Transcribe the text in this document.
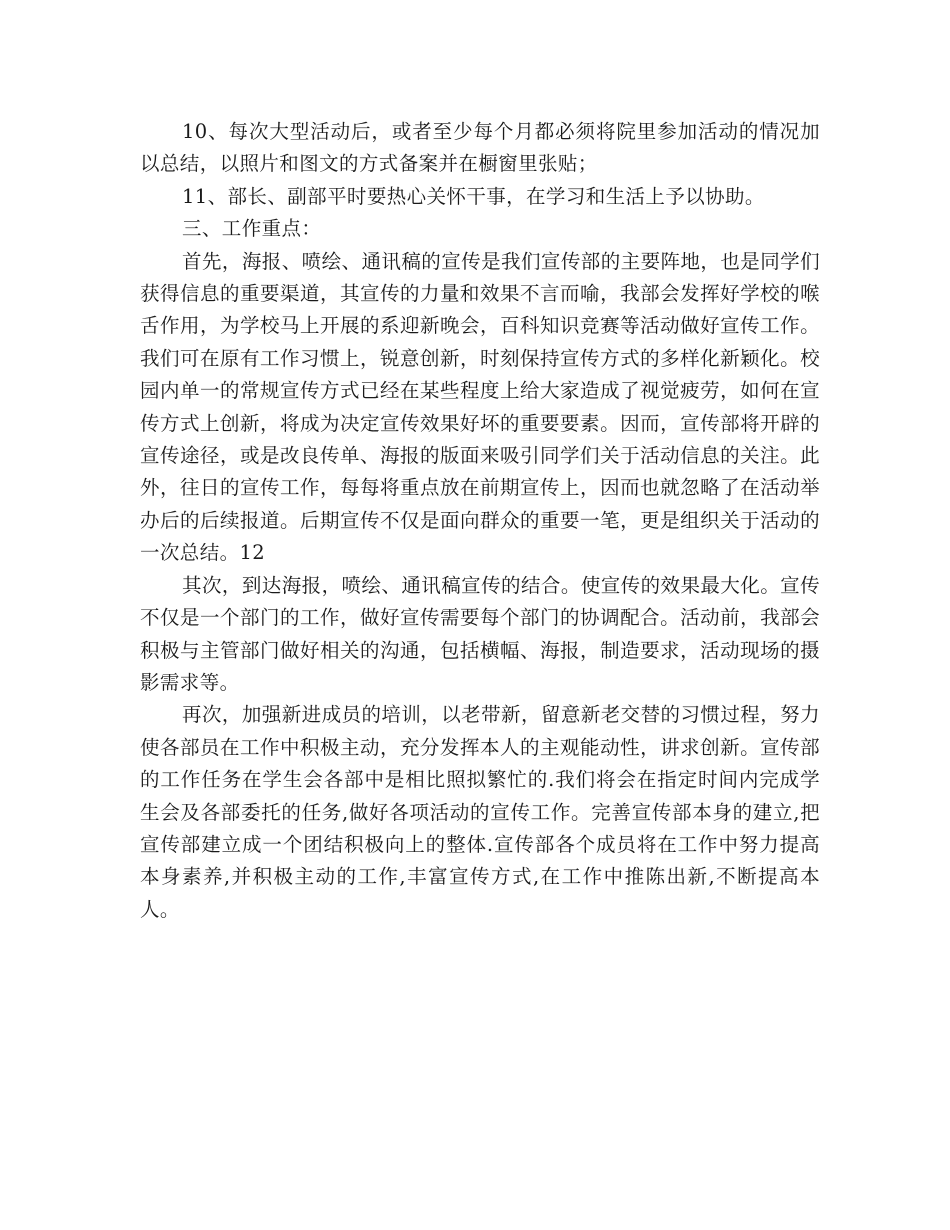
10、每次大型活动后，或者至少每个月都必须将院里参加活动的情况加以总结，以照片和图文的方式备案并在橱窗里张贴；

11、部长、副部平时要热心关怀干事，在学习和生活上予以协助。

三、工作重点：

首先，海报、喷绘、通讯稿的宣传是我们宣传部的主要阵地，也是同学们获得信息的重要渠道，其宣传的力量和效果不言而喻，我部会发挥好学校的喉舌作用，为学校马上开展的系迎新晚会，百科知识竞赛等活动做好宣传工作。我们可在原有工作习惯上，锐意创新，时刻保持宣传方式的多样化新颖化。校园内单一的常规宣传方式已经在某些程度上给大家造成了视觉疲劳，如何在宣传方式上创新，将成为决定宣传效果好坏的重要要素。因而，宣传部将开辟的宣传途径，或是改良传单、海报的版面来吸引同学们关于活动信息的关注。此外，往日的宣传工作，每每将重点放在前期宣传上，因而也就忽略了在活动举办后的后续报道。后期宣传不仅是面向群众的重要一笔，更是组织关于活动的一次总结。12

其次，到达海报，喷绘、通讯稿宣传的结合。使宣传的效果最大化。宣传不仅是一个部门的工作，做好宣传需要每个部门的协调配合。活动前，我部会积极与主管部门做好相关的沟通，包括横幅、海报，制造要求，活动现场的摄影需求等。

再次，加强新进成员的培训，以老带新，留意新老交替的习惯过程，努力使各部员在工作中积极主动，充分发挥本人的主观能动性，讲求创新。宣传部的工作任务在学生会各部中是相比照拟繁忙的.我们将会在指定时间内完成学生会及各部委托的任务,做好各项活动的宣传工作。完善宣传部本身的建立,把宣传部建立成一个团结积极向上的整体.宣传部各个成员将在工作中努力提高本身素养,并积极主动的工作,丰富宣传方式,在工作中推陈出新,不断提高本人。
